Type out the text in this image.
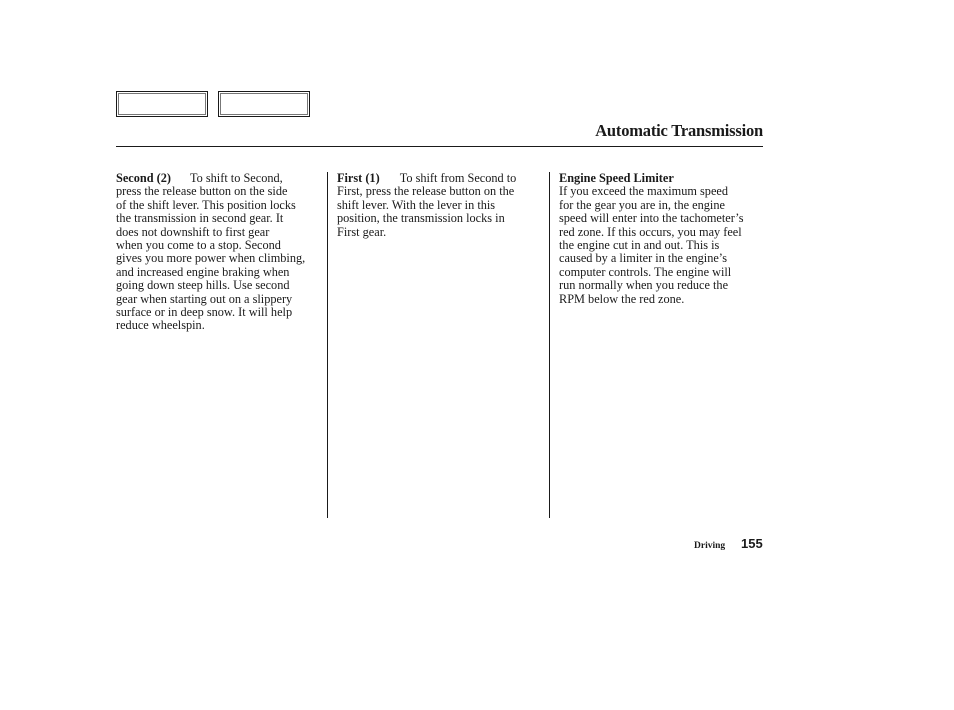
Automatic Transmission
Second (2) To shift to Second,
press the release button on the side
of the shift lever. This position locks
the transmission in second gear. It
does not downshift to first gear
when you come to a stop. Second
gives you more power when climbing,
and increased engine braking when
going down steep hills. Use second
gear when starting out on a slippery
surface or in deep snow. It will help
reduce wheelspin.
First (1) To shift from Second to
First, press the release button on the
shift lever. With the lever in this
position, the transmission locks in
First gear.
Engine Speed Limiter
If you exceed the maximum speed
for the gear you are in, the engine
speed will enter into the tachometer’s
red zone. If this occurs, you may feel
the engine cut in and out. This is
caused by a limiter in the engine’s
computer controls. The engine will
run normally when you reduce the
RPM below the red zone.
Driving 155
